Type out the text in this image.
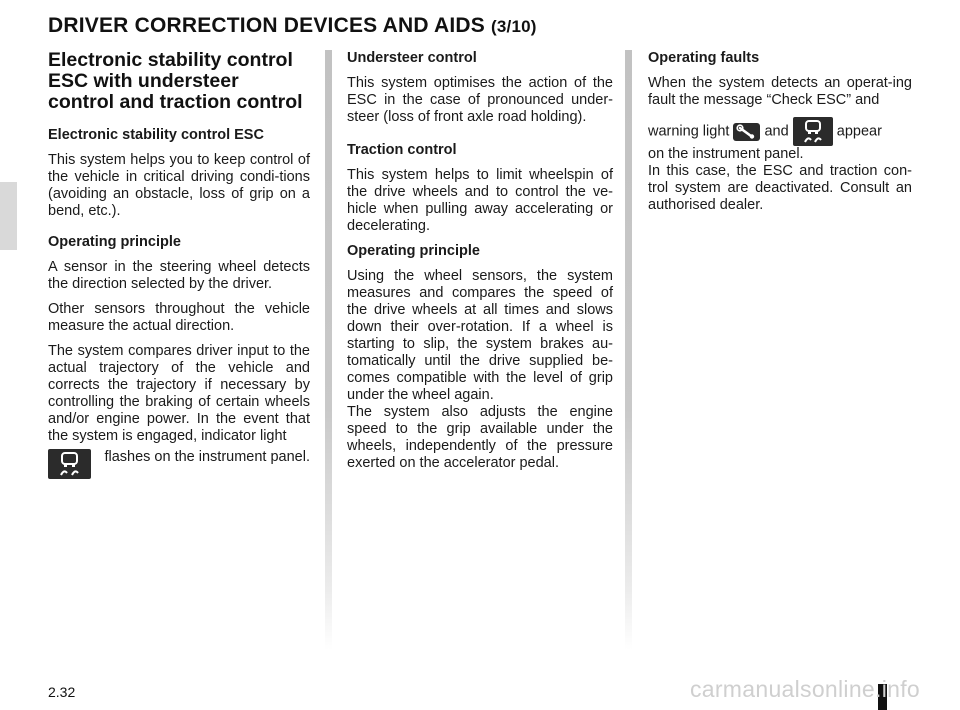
DRIVER CORRECTION DEVICES AND AIDS (3/10)
Electronic stability control ESC with understeer control and traction control
Electronic stability control ESC

This system helps you to keep control of the vehicle in critical driving condi-tions (avoiding an obstacle, loss of grip on a bend, etc.).

Operating principle

A sensor in the steering wheel detects the direction selected by the driver.

Other sensors throughout the vehicle measure the actual direction.

The system compares driver input to the actual trajectory of the vehicle and corrects the trajectory if necessary by controlling the braking of certain wheels and/or engine power. In the event that the system is engaged, indicator light

flashes on the instrument panel.

Understeer control

This system optimises the action of the ESC in the case of pronounced under-steer (loss of front axle road holding).

Traction control

This system helps to limit wheelspin of the drive wheels and to control the ve-hicle when pulling away accelerating or decelerating.

Operating principle

Using the wheel sensors, the system measures and compares the speed of the drive wheels at all times and slows down their over-rotation. If a wheel is starting to slip, the system brakes au-tomatically until the drive supplied be-comes compatible with the level of grip under the wheel again.

The system also adjusts the engine speed to the grip available under the wheels, independently of the pressure exerted on the accelerator pedal.

Operating faults

When the system detects an operat-ing fault the message “Check ESC” and

warning light and	appear

on the instrument panel.

In this case, the ESC and traction con-trol system are deactivated. Consult an authorised dealer.

2.32	carmanualsonline.info
